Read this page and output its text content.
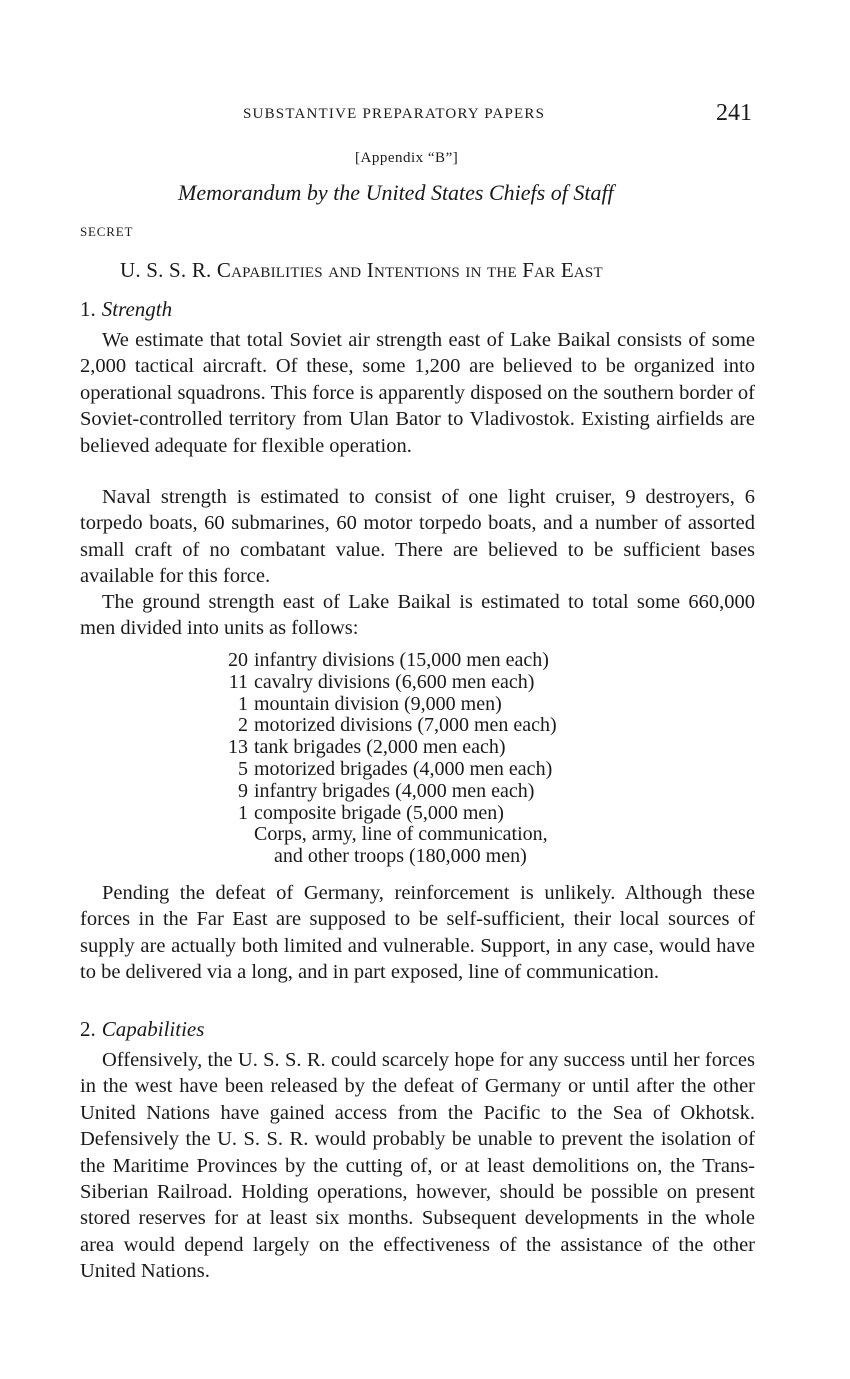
SUBSTANTIVE PREPARATORY PAPERS	241
[Appendix “B”]
Memorandum by the United States Chiefs of Staff
SECRET
U. S. S. R. Capabilities and Intentions in the Far East
1. Strength

We estimate that total Soviet air strength east of Lake Baikal consists of some 2,000 tactical aircraft. Of these, some 1,200 are believed to be organized into operational squadrons. This force is apparently disposed on the southern border of Soviet-controlled territory from Ulan Bator to Vladivostok. Existing airfields are believed adequate for flexible operation.

Naval strength is estimated to consist of one light cruiser, 9 destroyers, 6 torpedo boats, 60 submarines, 60 motor torpedo boats, and a number of assorted small craft of no combatant value. There are believed to be sufficient bases available for this force.

The ground strength east of Lake Baikal is estimated to total some 660,000 men divided into units as follows:

20 infantry divisions (15,000 men each)
11 cavalry divisions (6,600 men each)
1 mountain division (9,000 men)
2 motorized divisions (7,000 men each)
13 tank brigades (2,000 men each)
5 motorized brigades (4,000 men each)
9 infantry brigades (4,000 men each)
1 composite brigade (5,000 men)
Corps, army, line of communication,
and other troops (180,000 men)

Pending the defeat of Germany, reinforcement is unlikely. Although these forces in the Far East are supposed to be self-sufficient, their local sources of supply are actually both limited and vulnerable. Support, in any case, would have to be delivered via a long, and in part exposed, line of communication.

2. Capabilities

Offensively, the U. S. S. R. could scarcely hope for any success until her forces in the west have been released by the defeat of Germany or until after the other United Nations have gained access from the Pacific to the Sea of Okhotsk. Defensively the U. S. S. R. would probably be unable to prevent the isolation of the Maritime Provinces by the cutting of, or at least demolitions on, the Trans-Siberian Railroad. Holding operations, however, should be possible on present stored reserves for at least six months. Subsequent developments in the whole area would depend largely on the effectiveness of the assistance of the other United Nations.
